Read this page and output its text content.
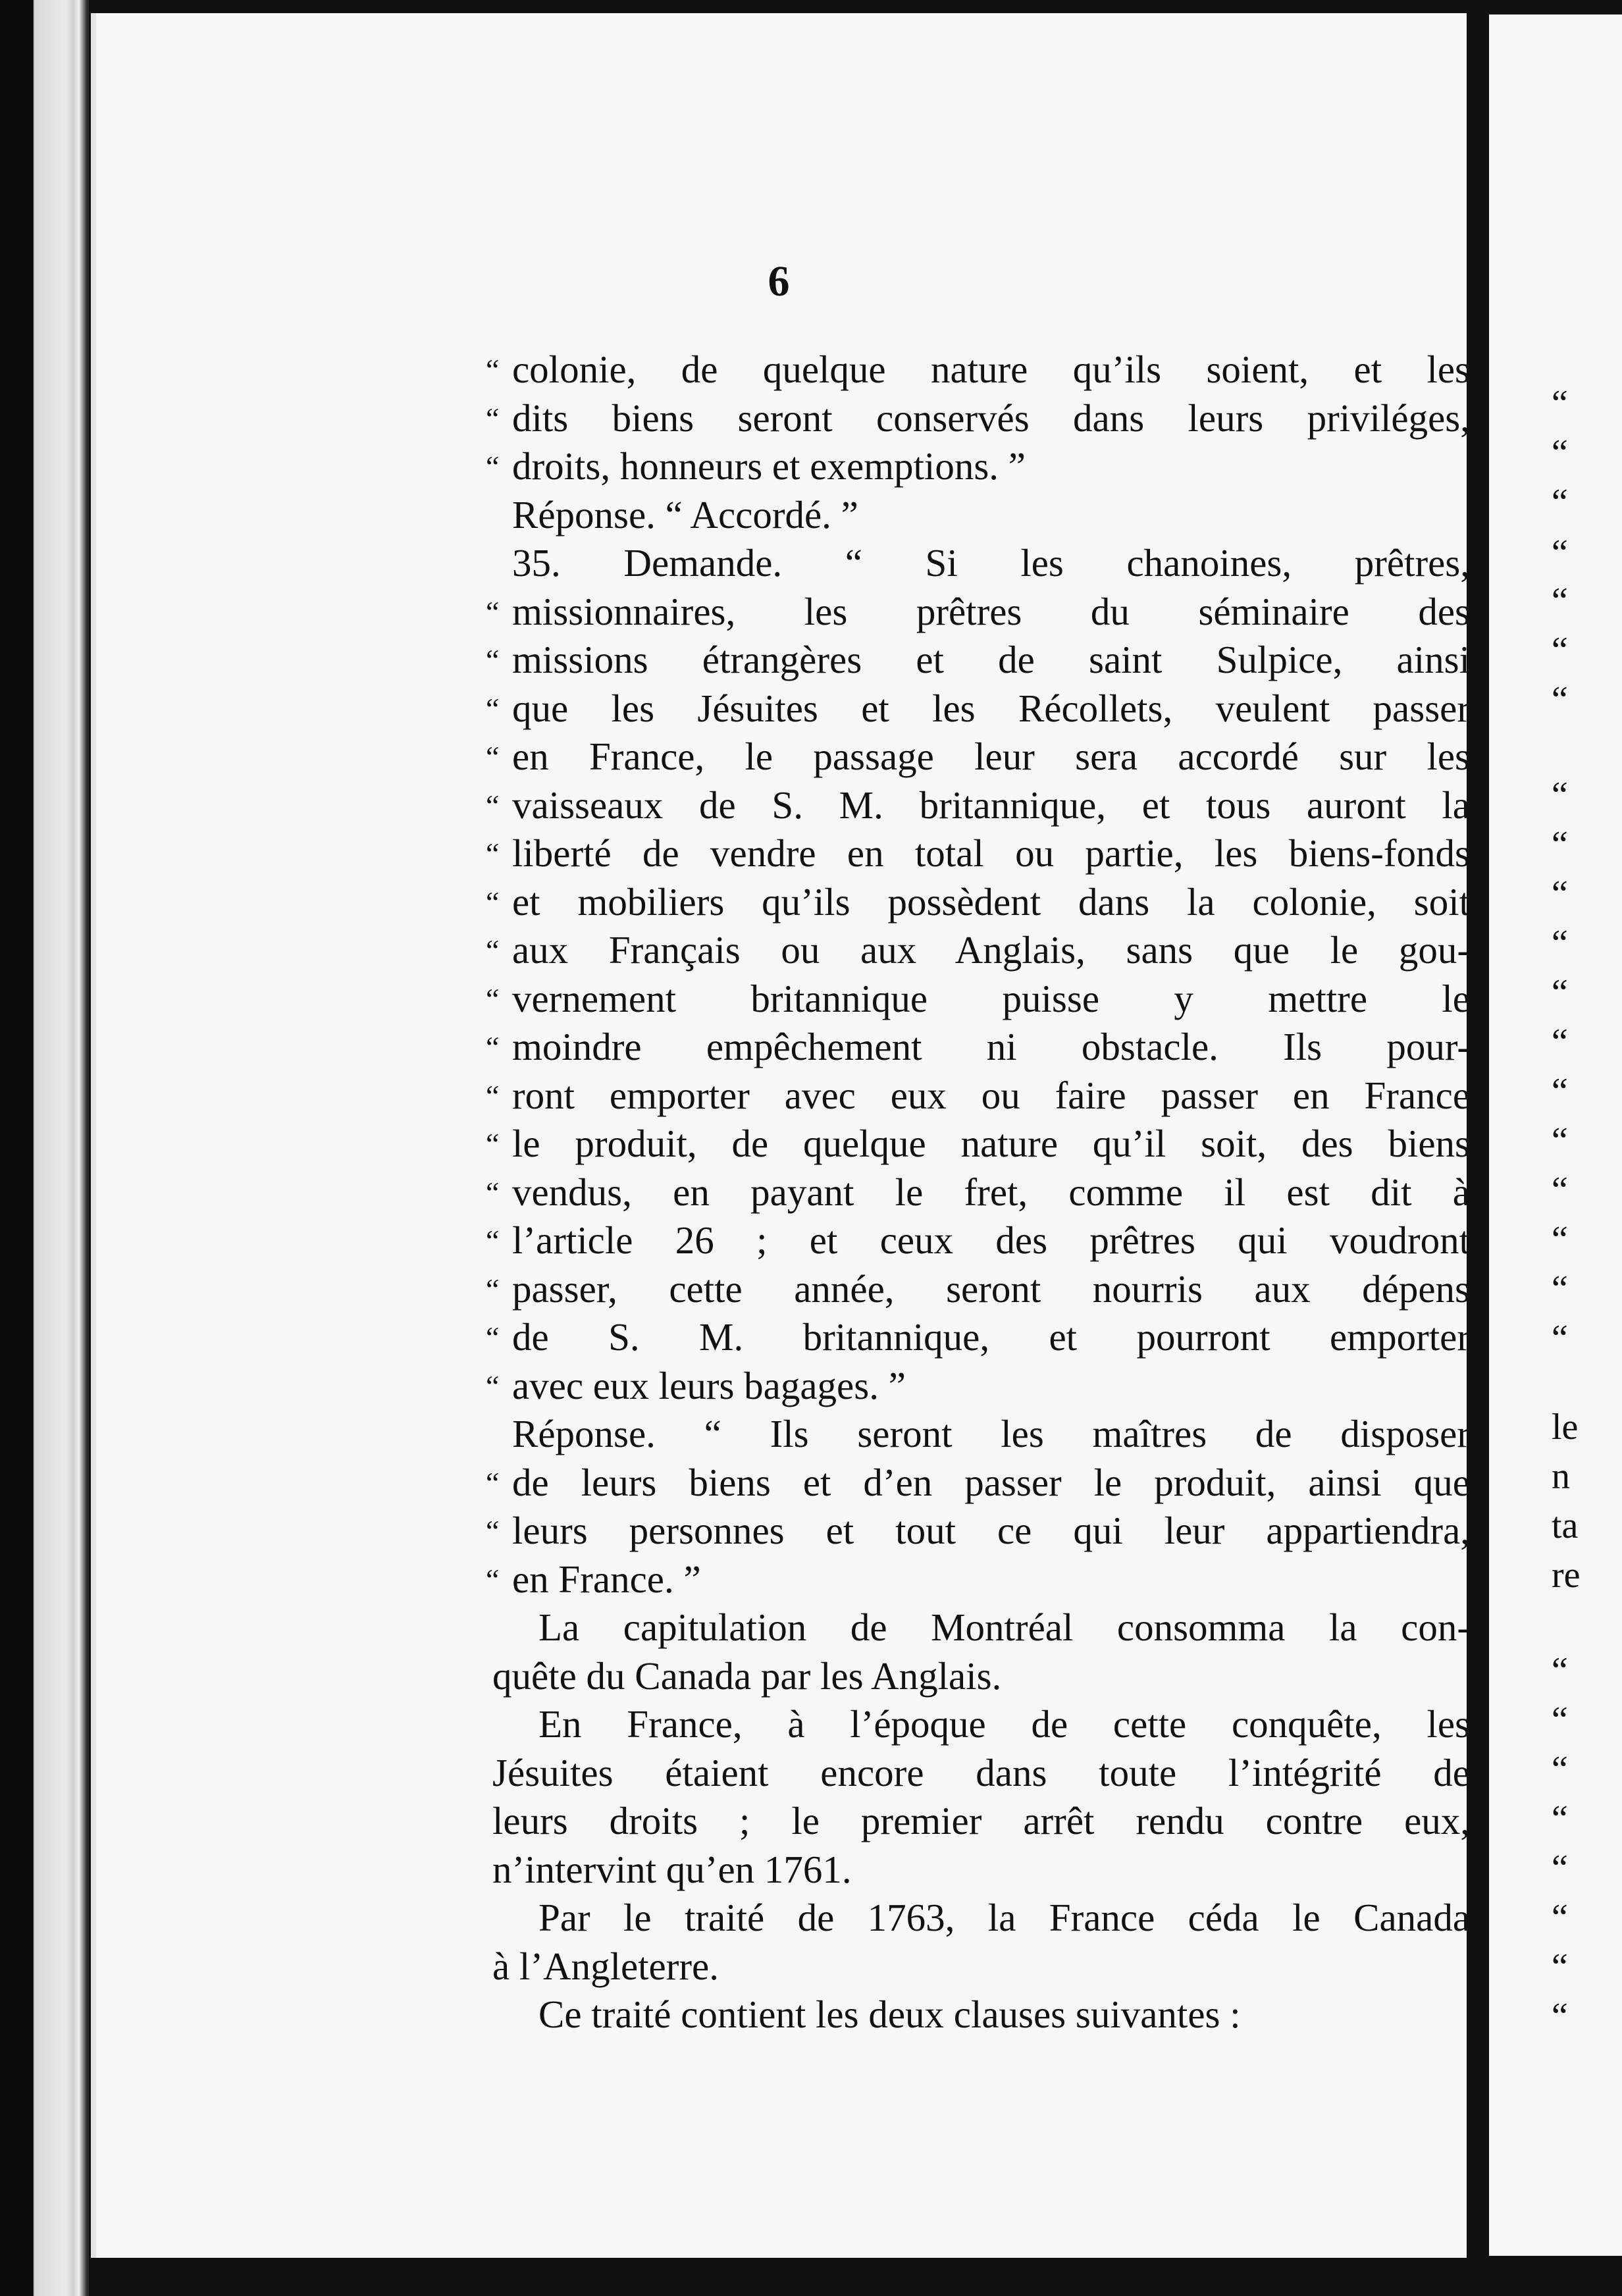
6
“ colonie, de quelque nature qu’ils soient, et les
“ dits biens seront conservés dans leurs priviléges,
“ droits, honneurs et exemptions. ”
Réponse. “ Accordé. ”
35. Demande. “ Si les chanoines, prêtres,
“ missionnaires, les prêtres du séminaire des
“ missions étrangères et de saint Sulpice, ainsi
“ que les Jésuites et les Récollets, veulent passer
“ en France, le passage leur sera accordé sur les
“ vaisseaux de S. M. britannique, et tous auront la
“ liberté de vendre en total ou partie, les biens-fonds
“ et mobiliers qu’ils possèdent dans la colonie, soit
“ aux Français ou aux Anglais, sans que le gou-
“ vernement britannique puisse y mettre le
“ moindre empêchement ni obstacle. Ils pour-
“ ront emporter avec eux ou faire passer en France
“ le produit, de quelque nature qu’il soit, des biens
“ vendus, en payant le fret, comme il est dit à
“ l’article 26 ; et ceux des prêtres qui voudront
“ passer, cette année, seront nourris aux dépens
“ de S. M. britannique, et pourront emporter
“ avec eux leurs bagages. ”
Réponse. “ Ils seront les maîtres de disposer
“ de leurs biens et d’en passer le produit, ainsi que
“ leurs personnes et tout ce qui leur appartiendra,
“ en France. ”
La capitulation de Montréal consomma la con-
quête du Canada par les Anglais.
En France, à l’époque de cette conquête, les
Jésuites étaient encore dans toute l’intégrité de
leurs droits ; le premier arrêt rendu contre eux,
n’intervint qu’en 1761.
Par le traité de 1763, la France céda le Canada
à l’Angleterre.
Ce traité contient les deux clauses suivantes :
“
“
“
“
“
“
“
“
“
“
“
“
“
“
“
“
“
“
“
le
n
ta
re
“
“
“
“
“
“
“
“
